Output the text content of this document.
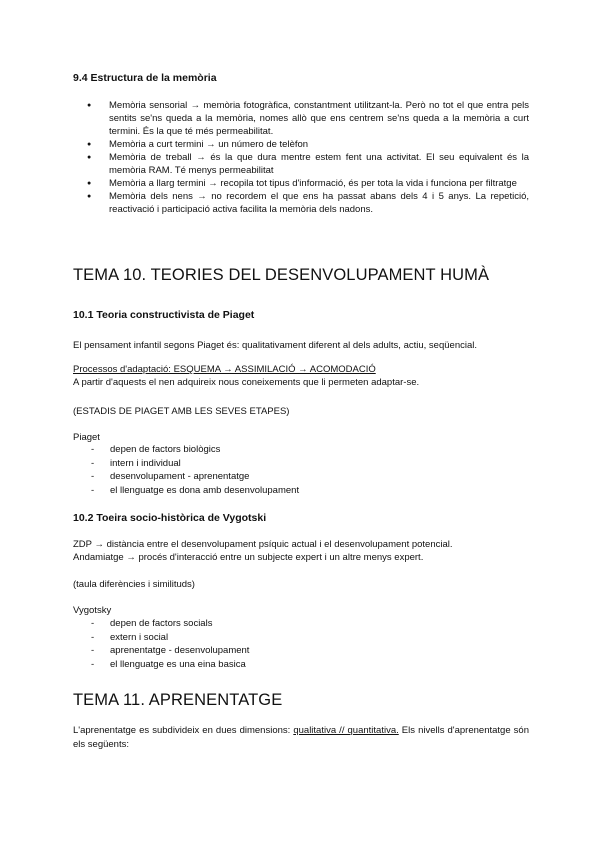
9.4 Estructura de la memòria
● Memòria sensorial → memòria fotogràfica, constantment utilitzant-la. Però no tot el que entra pels sentits se'ns queda a la memòria, nomes allò que ens centrem se'ns queda a la memòria a curt termini. És la que té més permeabilitat.
● Memòria a curt termini → un número de telèfon
● Memòria de treball → és la que dura mentre estem fent una activitat. El seu equivalent és la memòria RAM. Té menys permeabilitat
● Memòria a llarg termini → recopila tot tipus d'informació, és per tota la vida i funciona per filtratge
● Memòria dels nens → no recordem el que ens ha passat abans dels 4 i 5 anys. La repetició, reactivació i participació activa facilita la memòria dels nadons.
TEMA 10. TEORIES DEL DESENVOLUPAMENT HUMÀ
10.1 Teoria constructivista de Piaget
El pensament infantil segons Piaget és: qualitativament diferent al dels adults, actiu, seqüencial.
Processos d'adaptació: ESQUEMA → ASSIMILACIÓ → ACOMODACIÓ
A partir d'aquests el nen adquireix nous coneixements que li permeten adaptar-se.
(ESTADIS DE PIAGET AMB LES SEVES ETAPES)
Piaget
- depen de factors biològics
- intern i individual
- desenvolupament - aprenentatge
- el llenguatge es dona amb desenvolupament
10.2 Toeira socio-històrica de Vygotski
ZDP → distància entre el desenvolupament psíquic actual i el desenvolupament potencial.
Andamiatge → procés d'interacció entre un subjecte expert i un altre menys expert.
(taula diferències i similituds)
Vygotsky
- depen de factors socials
- extern i social
- aprenentatge - desenvolupament
- el llenguatge es una eina basica
TEMA 11. APRENENTATGE
L'aprenentatge es subdivideix en dues dimensions: qualitativa // quantitativa. Els nivells d'aprenentatge són els següents:
